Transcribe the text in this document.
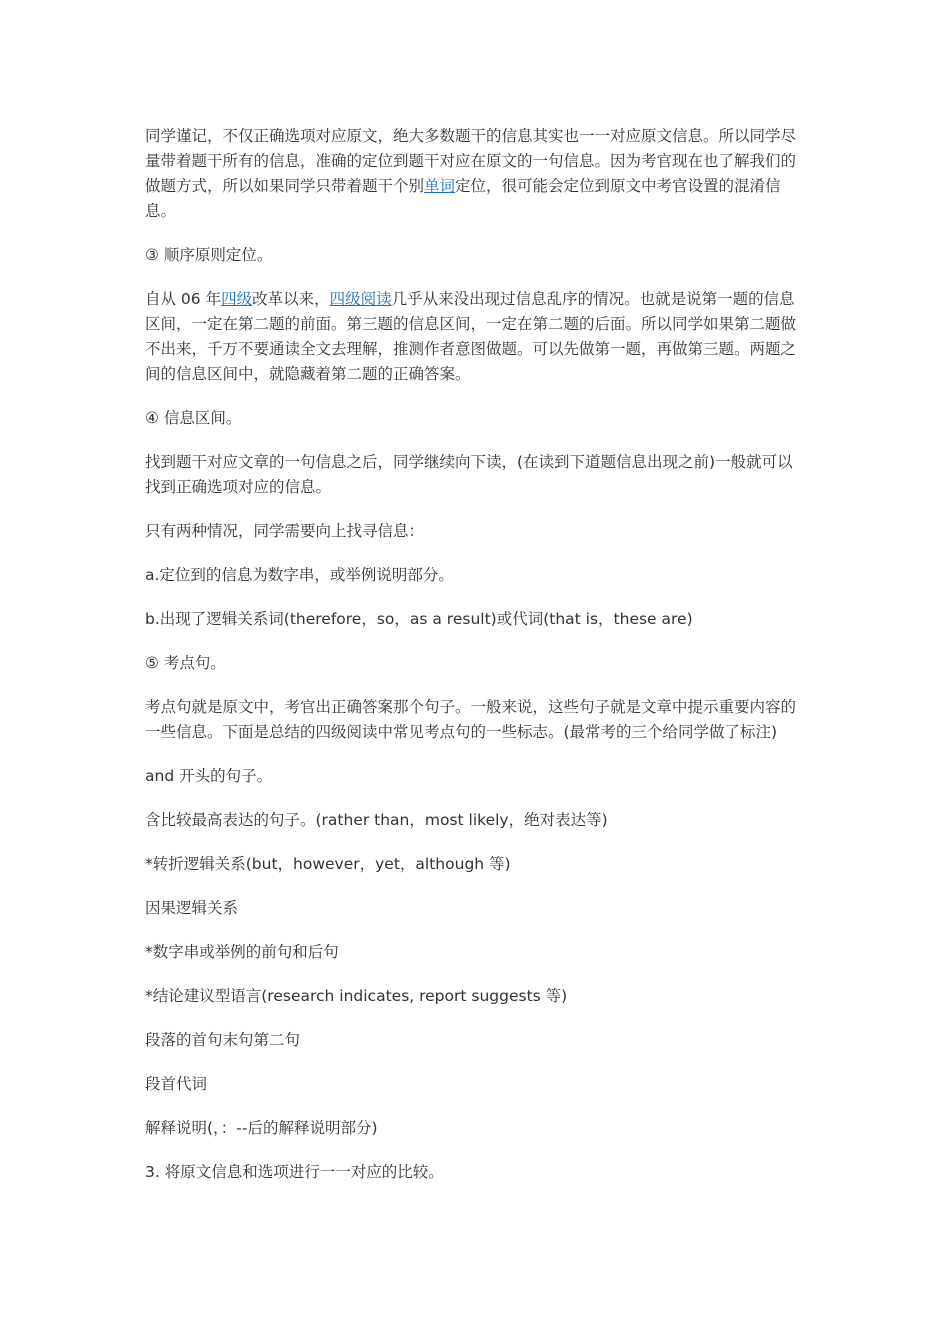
同学谨记，不仅正确选项对应原文，绝大多数题干的信息其实也一一对应原文信息。所以同学尽量带着题干所有的信息，准确的定位到题干对应在原文的一句信息。因为考官现在也了解我们的做题方式，所以如果同学只带着题干个别单词定位，很可能会定位到原文中考官设置的混淆信息。

③ 顺序原则定位。

自从 06 年四级改革以来，四级阅读几乎从来没出现过信息乱序的情况。也就是说第一题的信息区间，一定在第二题的前面。第三题的信息区间，一定在第二题的后面。所以同学如果第二题做不出来，千万不要通读全文去理解，推测作者意图做题。可以先做第一题，再做第三题。两题之间的信息区间中，就隐藏着第二题的正确答案。

④ 信息区间。

找到题干对应文章的一句信息之后，同学继续向下读，(在读到下道题信息出现之前)一般就可以找到正确选项对应的信息。

只有两种情况，同学需要向上找寻信息：

a.定位到的信息为数字串，或举例说明部分。

b.出现了逻辑关系词(therefore，so，as a result)或代词(that is，these are)

⑤ 考点句。

考点句就是原文中，考官出正确答案那个句子。一般来说，这些句子就是文章中提示重要内容的一些信息。下面是总结的四级阅读中常见考点句的一些标志。(最常考的三个给同学做了标注)

and 开头的句子。

含比较最高表达的句子。(rather than，most likely，绝对表达等)

*转折逻辑关系(but，however，yet，although 等)

因果逻辑关系

*数字串或举例的前句和后句

*结论建议型语言(research indicates, report suggests 等)

段落的首句末句第二句

段首代词

解释说明(，：--后的解释说明部分)

3. 将原文信息和选项进行一一对应的比较。
